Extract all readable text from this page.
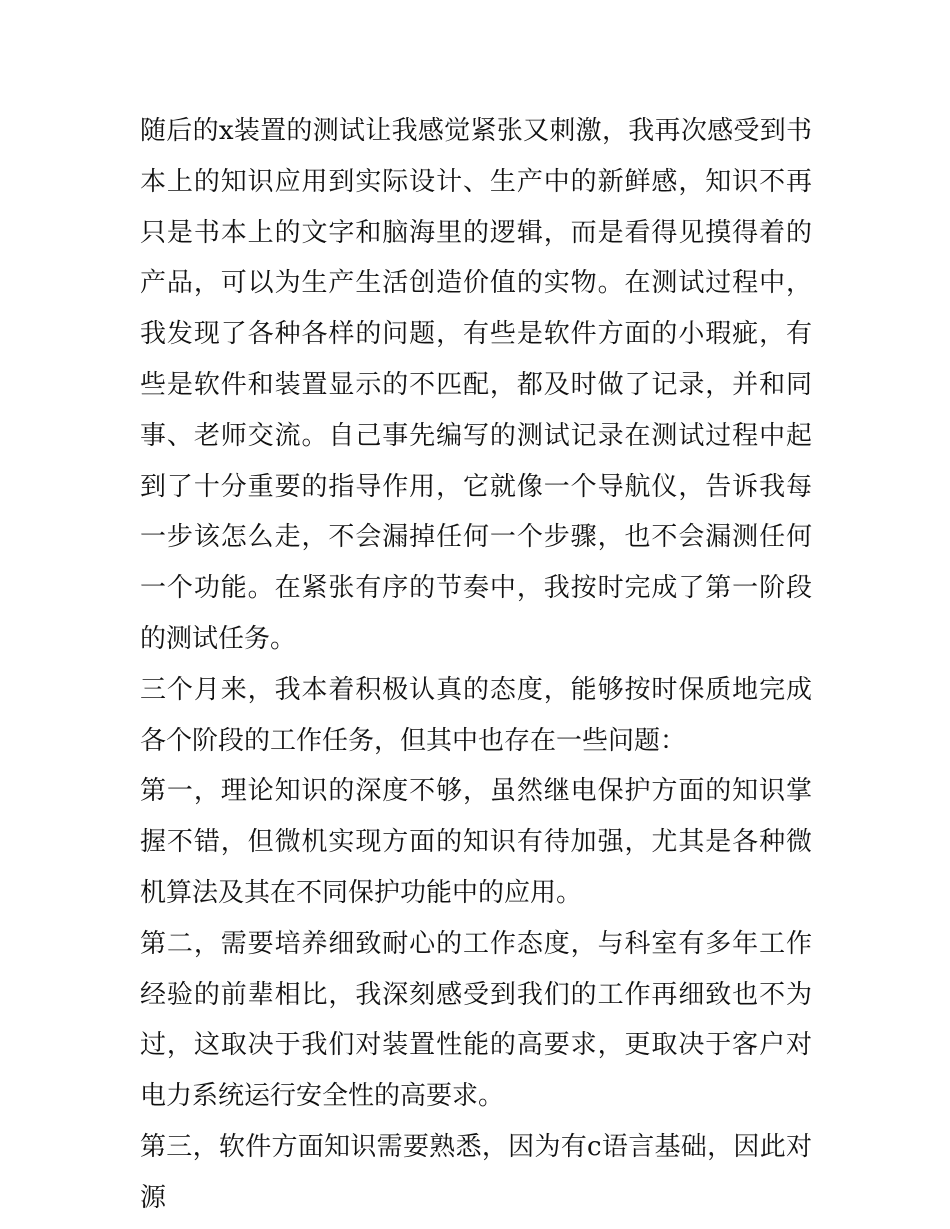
随后的x装置的测试让我感觉紧张又刺激，我再次感受到书本上的知识应用到实际设计、生产中的新鲜感，知识不再只是书本上的文字和脑海里的逻辑，而是看得见摸得着的产品，可以为生产生活创造价值的实物。在测试过程中，我发现了各种各样的问题，有些是软件方面的小瑕疵，有些是软件和装置显示的不匹配，都及时做了记录，并和同事、老师交流。自己事先编写的测试记录在测试过程中起到了十分重要的指导作用，它就像一个导航仪，告诉我每一步该怎么走，不会漏掉任何一个步骤，也不会漏测任何一个功能。在紧张有序的节奏中，我按时完成了第一阶段的测试任务。

三个月来，我本着积极认真的态度，能够按时保质地完成各个阶段的工作任务，但其中也存在一些问题：

第一，理论知识的深度不够，虽然继电保护方面的知识掌握不错，但微机实现方面的知识有待加强，尤其是各种微机算法及其在不同保护功能中的应用。

第二，需要培养细致耐心的工作态度，与科室有多年工作经验的前辈相比，我深刻感受到我们的工作再细致也不为过，这取决于我们对装置性能的高要求，更取决于客户对电力系统运行安全性的高要求。

第三，软件方面知识需要熟悉，因为有c语言基础，因此对源
